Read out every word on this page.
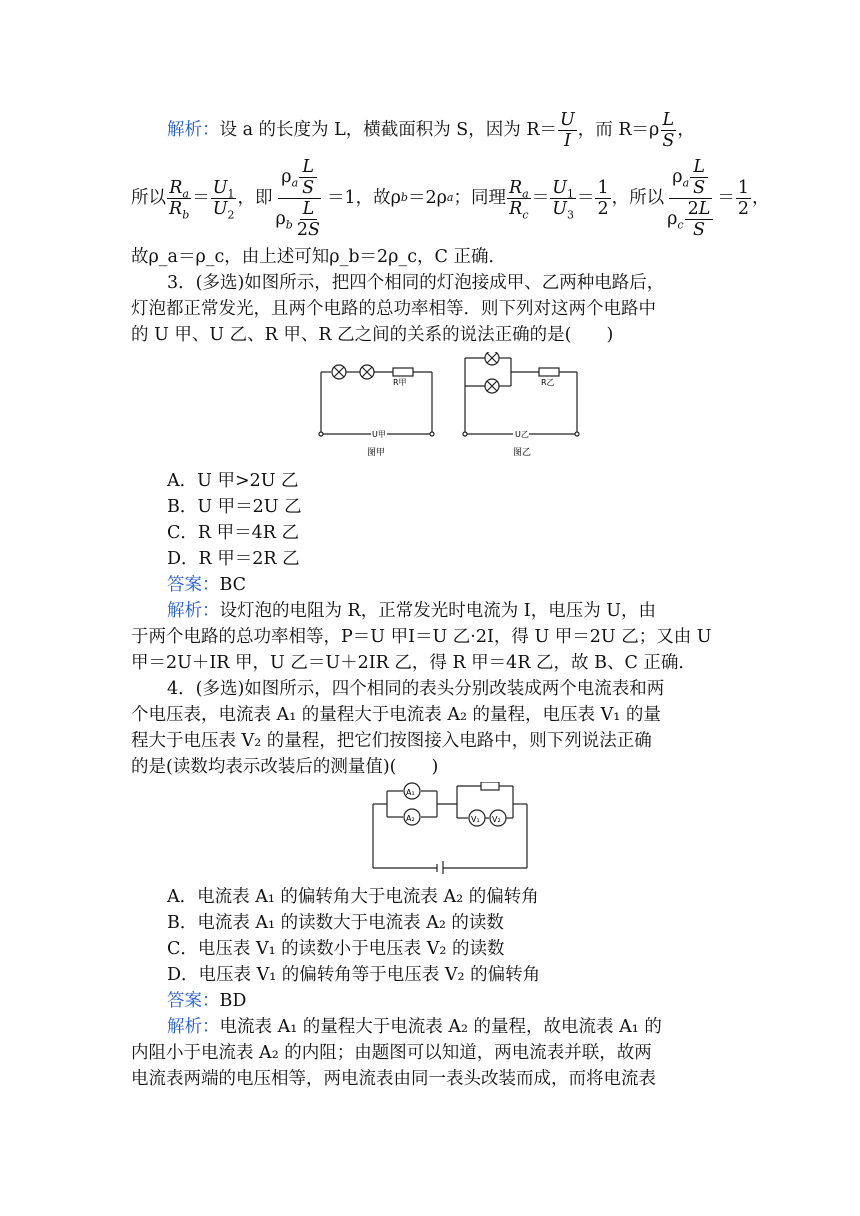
解析： 设 a 的长度为 L，横截面积为 S，因为 $R= \frac{U}{I}$ ，而 $R=\rho \frac{L}{S}$ ，
所以 $\frac{R_a}{R_b} = \frac{U_1}{U_2}$ ，即 $\frac{\rho_a \frac{L}{S}}{\rho_b \frac{L}{2S}} =1$，故ρ b ＝2ρ a ；同理 $\frac{R_a}{R_c} = \frac{U_1}{U_3} = \frac{1}{2}$ ，所以 $\frac{\rho_a \frac{L}{S}}{\rho_c \frac{2L}{S}} = \frac{1}{2}$ ，

故ρ_a＝ρ_c，由上述可知ρ_b＝2ρ_c，C 正确．

3．(多选)如图所示，把四个相同的灯泡接成甲、乙两种电路后，

灯泡都正常发光，且两个电路的总功率相等．则下列对这两个电路中

的 U 甲、U 乙、R 甲、R 乙之间的关系的说法正确的是(　　)

R甲
U甲
图甲
R乙
U乙
图乙

A．U 甲>2U 乙

B．U 甲＝2U 乙

C．R 甲＝4R 乙

D．R 甲＝2R 乙

答案：BC

解析：设灯泡的电阻为 R，正常发光时电流为 I，电压为 U，由

于两个电路的总功率相等，P＝U 甲I＝U 乙·2I，得 U 甲＝2U 乙；又由 U

甲＝2U＋IR 甲，U 乙＝U＋2IR 乙，得 R 甲＝4R 乙，故 B、C 正确．

4．(多选)如图所示，四个相同的表头分别改装成两个电流表和两

个电压表，电流表 A₁ 的量程大于电流表 A₂ 的量程，电压表 V₁ 的量

程大于电压表 V₂ 的量程，把它们按图接入电路中，则下列说法正确

的是(读数均表示改装后的测量值)(　　)

A₁
A₂	V₁ V₂

A．电流表 A₁ 的偏转角大于电流表 A₂ 的偏转角

B．电流表 A₁ 的读数大于电流表 A₂ 的读数

C．电压表 V₁ 的读数小于电压表 V₂ 的读数

D．电压表 V₁ 的偏转角等于电压表 V₂ 的偏转角

答案：BD

解析：电流表 A₁ 的量程大于电流表 A₂ 的量程，故电流表 A₁ 的

内阻小于电流表 A₂ 的内阻；由题图可以知道，两电流表并联，故两

电流表两端的电压相等，两电流表由同一表头改装而成，而将电流表
